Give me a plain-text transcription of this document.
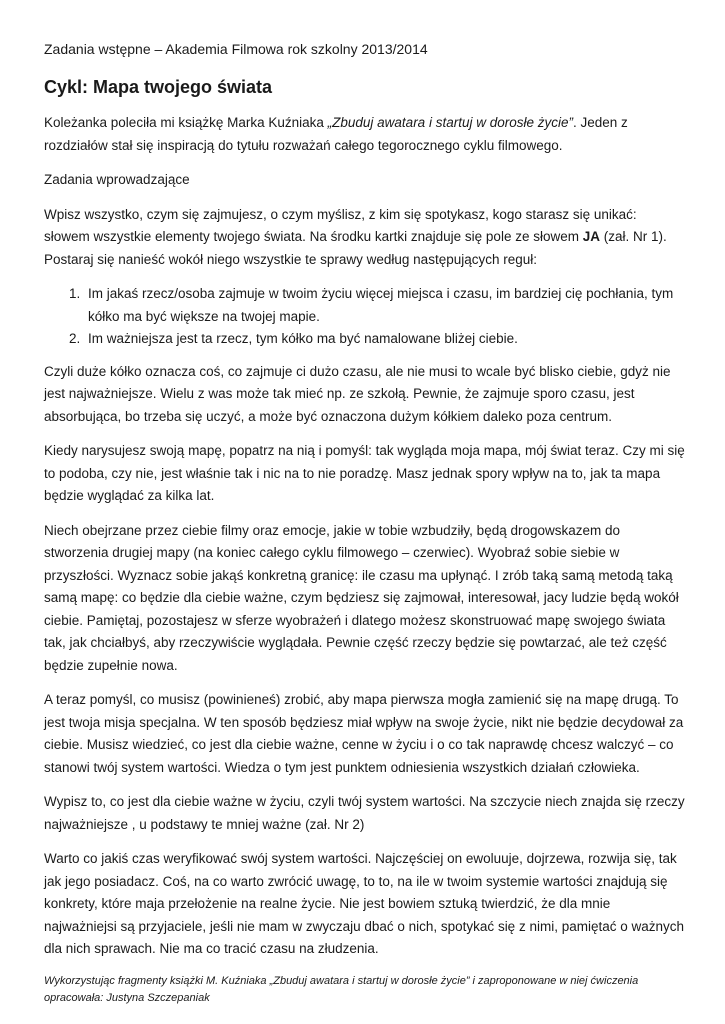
Zadania wstępne – Akademia Filmowa rok szkolny 2013/2014
Cykl: Mapa twojego świata

Koleżanka poleciła mi książkę Marka Kuźniaka „Zbuduj awatara i startuj w dorosłe życie”. Jeden z rozdziałów stał się inspiracją do tytułu rozważań całego tegorocznego cyklu filmowego.

Zadania wprowadzające

Wpisz wszystko, czym się zajmujesz, o czym myślisz, z kim się spotykasz, kogo starasz się unikać: słowem wszystkie elementy twojego świata. Na środku kartki znajduje się pole ze słowem JA (zał. Nr 1). Postaraj się nanieść wokół niego wszystkie te sprawy według następujących reguł:

1. Im jakaś rzecz/osoba zajmuje w twoim życiu więcej miejsca i czasu, im bardziej cię pochłania, tym kółko ma być większe na twojej mapie.
2. Im ważniejsza jest ta rzecz, tym kółko ma być namalowane bliżej ciebie.

Czyli duże kółko oznacza coś, co zajmuje ci dużo czasu, ale nie musi to wcale być blisko ciebie, gdyż nie jest najważniejsze. Wielu z was może tak mieć np. ze szkołą. Pewnie, że zajmuje sporo czasu, jest absorbująca, bo trzeba się uczyć, a może być oznaczona dużym kółkiem daleko poza centrum.

Kiedy narysujesz swoją mapę, popatrz na nią i pomyśl: tak wygląda moja mapa, mój świat teraz. Czy mi się to podoba, czy nie, jest właśnie tak i nic na to nie poradzę. Masz jednak spory wpływ na to, jak ta mapa będzie wyglądać za kilka lat.

Niech obejrzane przez ciebie filmy oraz emocje, jakie w tobie wzbudziły, będą drogowskazem do stworzenia drugiej mapy (na koniec całego cyklu filmowego – czerwiec). Wyobraź sobie siebie w przyszłości. Wyznacz sobie jakąś konkretną granicę: ile czasu ma upłynąć. I zrób taką samą metodą taką samą mapę: co będzie dla ciebie ważne, czym będziesz się zajmował, interesował, jacy ludzie będą wokół ciebie. Pamiętaj, pozostajesz w sferze wyobrażeń i dlatego możesz skonstruować mapę swojego świata tak, jak chciałbyś, aby rzeczywiście wyglądała. Pewnie część rzeczy będzie się powtarzać, ale też część będzie zupełnie nowa.

A teraz pomyśl, co musisz (powinieneś) zrobić, aby mapa pierwsza mogła zamienić się na mapę drugą. To jest twoja misja specjalna. W ten sposób będziesz miał wpływ na swoje życie, nikt nie będzie decydował za ciebie. Musisz wiedzieć, co jest dla ciebie ważne, cenne w życiu i o co tak naprawdę chcesz walczyć – co stanowi twój system wartości. Wiedza o tym jest punktem odniesienia wszystkich działań człowieka.

Wypisz to, co jest dla ciebie ważne w życiu, czyli twój system wartości. Na szczycie niech znajda się rzeczy najważniejsze , u podstawy te mniej ważne (zał. Nr 2)

Warto co jakiś czas weryfikować swój system wartości. Najczęściej on ewoluuje, dojrzewa, rozwija się, tak jak jego posiadacz. Coś, na co warto zwrócić uwagę, to to, na ile w twoim systemie wartości znajdują się konkrety, które maja przełożenie na realne życie. Nie jest bowiem sztuką twierdzić, że dla mnie najważniejsi są przyjaciele, jeśli nie mam w zwyczaju dbać o nich, spotykać się z nimi, pamiętać o ważnych dla nich sprawach. Nie ma co tracić czasu na złudzenia.

Wykorzystując fragmenty książki M. Kuźniaka „Zbuduj awatara i startuj w dorosłe życie” i zaproponowane w niej ćwiczenia opracowała: Justyna Szczepaniak
